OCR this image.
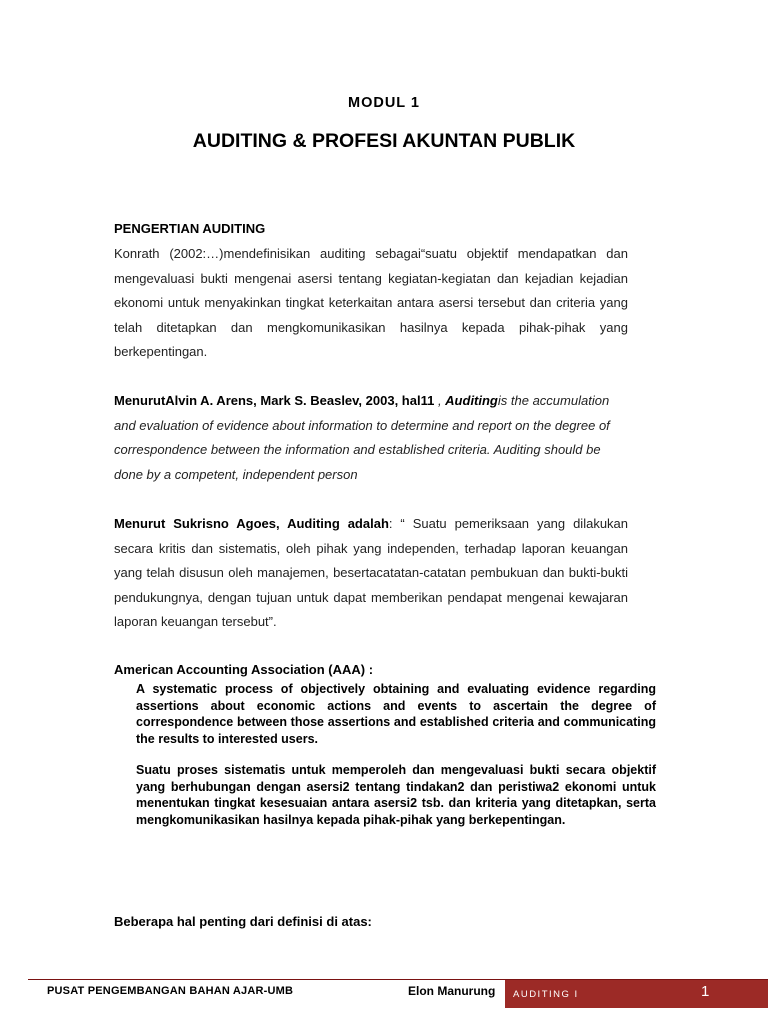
MODUL 1
AUDITING & PROFESI AKUNTAN PUBLIK
PENGERTIAN AUDITING
Konrath (2002:…)mendefinisikan auditing sebagai“suatu objektif mendapatkan dan mengevaluasi bukti mengenai asersi tentang kegiatan-kegiatan dan kejadian kejadian ekonomi untuk menyakinkan tingkat keterkaitan antara asersi tersebut dan criteria yang telah ditetapkan dan mengkomunikasikan hasilnya kepada pihak-pihak yang berkepentingan.
MenurutAlvin A. Arens, Mark S. Beaslev, 2003, hal11 , Auditingis the accumulation and evaluation of evidence about information to determine and report on the degree of correspondence between the information and established criteria. Auditing should be done by a competent, independent person
Menurut Sukrisno Agoes, Auditing adalah: “ Suatu pemeriksaan yang dilakukan secara kritis dan sistematis, oleh pihak yang independen, terhadap laporan keuangan yang telah disusun oleh manajemen, besertacatatan-catatan pembukuan dan bukti-bukti pendukungnya, dengan tujuan untuk dapat memberikan pendapat mengenai kewajaran laporan keuangan tersebut”.
American Accounting Association (AAA) :
A systematic process of objectively obtaining and evaluating evidence regarding assertions about economic actions and events to ascertain the degree of correspondence between those assertions and established criteria and communicating the results to interested users.
Suatu proses sistematis untuk memperoleh dan mengevaluasi bukti secara objektif yang berhubungan dengan asersi2 tentang tindakan2 dan peristiwa2 ekonomi untuk menentukan tingkat kesesuaian antara asersi2 tsb. dan kriteria yang ditetapkan, serta mengkomunikasikan hasilnya kepada pihak-pihak yang berkepentingan.
Beberapa hal penting dari definisi di atas:
PUSAT PENGEMBANGAN BAHAN AJAR-UMB	Elon Manurung AUDITING I	1
